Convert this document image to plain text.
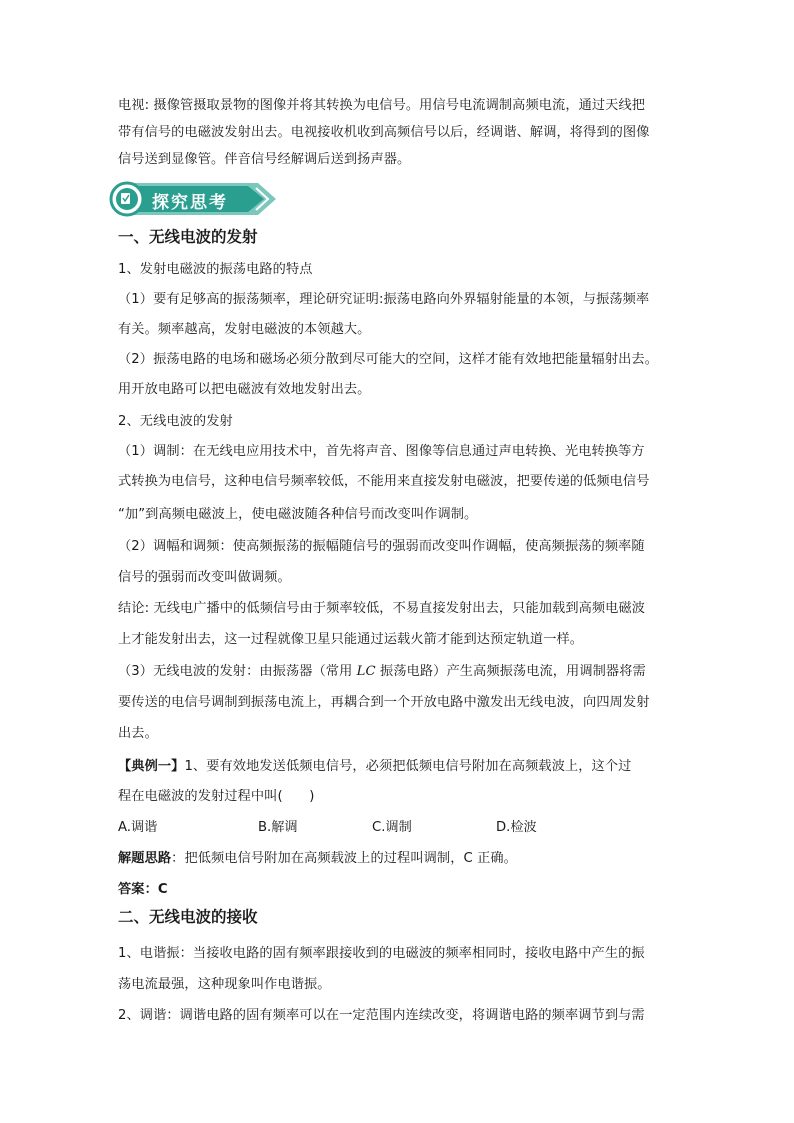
电视: 摄像管摄取景物的图像并将其转换为电信号。用信号电流调制高频电流，通过天线把
带有信号的电磁波发射出去。电视接收机收到高频信号以后，经调谐、解调，将得到的图像
信号送到显像管。伴音信号经解调后送到扬声器。
探究思考
一、无线电波的发射
1、发射电磁波的振荡电路的特点
（1）要有足够高的振荡频率，理论研究证明:振荡电路向外界辐射能量的本领，与振荡频率
有关。频率越高，发射电磁波的本领越大。
（2）振荡电路的电场和磁场必须分散到尽可能大的空间，这样才能有效地把能量辐射出去。
用开放电路可以把电磁波有效地发射出去。
2、无线电波的发射
（1）调制：在无线电应用技术中，首先将声音、图像等信息通过声电转换、光电转换等方
式转换为电信号，这种电信号频率较低，不能用来直接发射电磁波，把要传递的低频电信号
“加”到高频电磁波上，使电磁波随各种信号而改变叫作调制。
（2）调幅和调频：使高频振荡的振幅随信号的强弱而改变叫作调幅，使高频振荡的频率随
信号的强弱而改变叫做调频。
结论: 无线电广播中的低频信号由于频率较低，不易直接发射出去，只能加载到高频电磁波
上才能发射出去，这一过程就像卫星只能通过运载火箭才能到达预定轨道一样。
（3）无线电波的发射：由振荡器（常用 LC 振荡电路）产生高频振荡电流，用调制器将需
要传送的电信号调制到振荡电流上，再耦合到一个开放电路中激发出无线电波，向四周发射
出去。
【典例一】1、要有效地发送低频电信号，必须把低频电信号附加在高频载波上，这个过
程在电磁波的发射过程中叫(　　)
A.调谐	B.解调	C.调制	D.检波
解题思路：把低频电信号附加在高频载波上的过程叫调制，C 正确。
答案：C
二、无线电波的接收
1、电谐振：当接收电路的固有频率跟接收到的电磁波的频率相同时，接收电路中产生的振
荡电流最强，这种现象叫作电谐振。
2、调谐：调谐电路的固有频率可以在一定范围内连续改变，将调谐电路的频率调节到与需
